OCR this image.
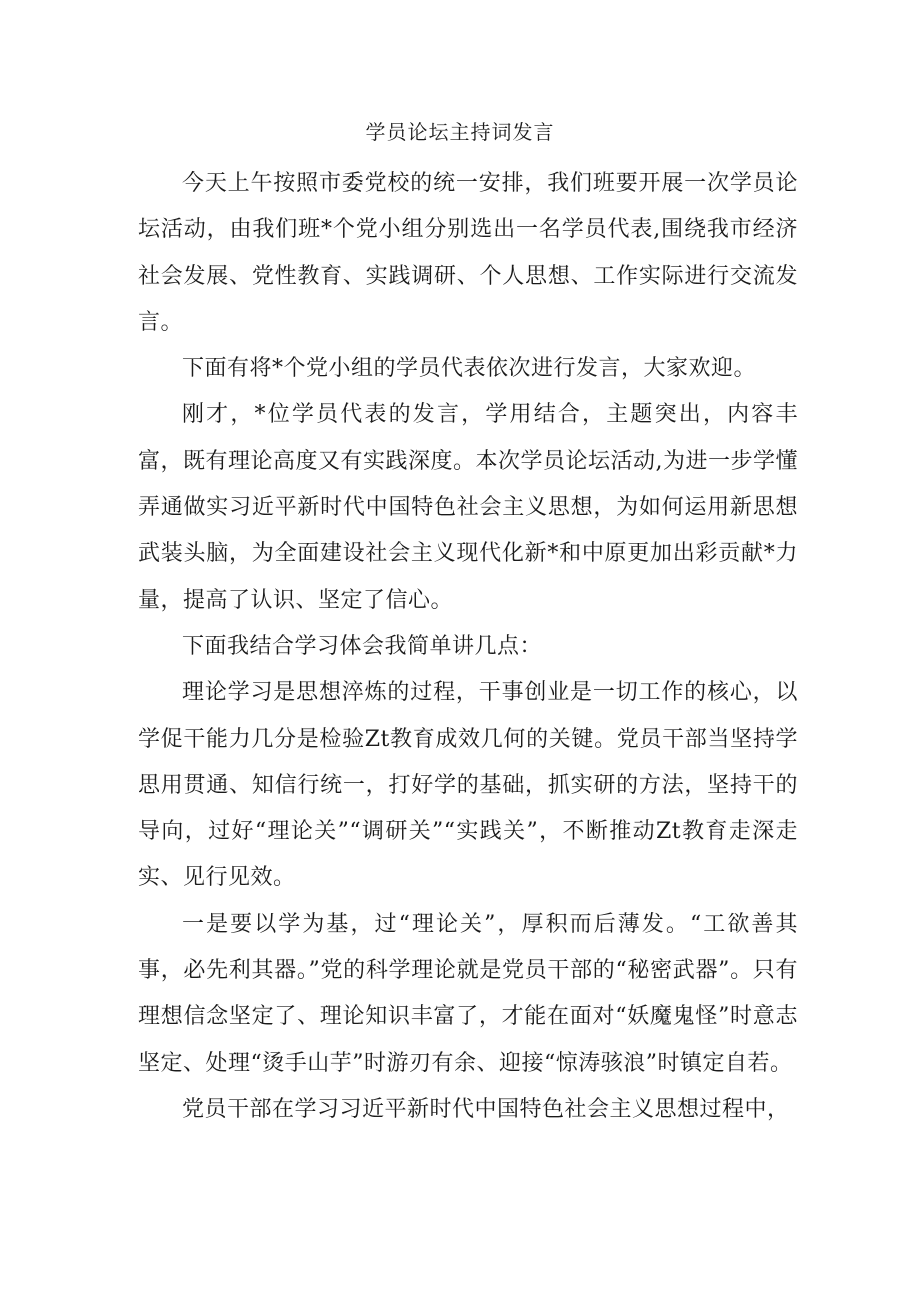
学员论坛主持词发言

今天上午按照市委党校的统一安排，我们班要开展一次学员论坛活动，由我们班*个党小组分别选出一名学员代表,围绕我市经济社会发展、党性教育、实践调研、个人思想、工作实际进行交流发言。

下面有将*个党小组的学员代表依次进行发言，大家欢迎。

刚才，*位学员代表的发言，学用结合，主题突出，内容丰富，既有理论高度又有实践深度。本次学员论坛活动,为进一步学懂弄通做实习近平新时代中国特色社会主义思想，为如何运用新思想武装头脑，为全面建设社会主义现代化新*和中原更加出彩贡献*力量，提高了认识、坚定了信心。

下面我结合学习体会我简单讲几点：

理论学习是思想淬炼的过程，干事创业是一切工作的核心，以学促干能力几分是检验Zt教育成效几何的关键。党员干部当坚持学思用贯通、知信行统一，打好学的基础，抓实研的方法，坚持干的导向，过好“理论关”“调研关”“实践关”，不断推动Zt教育走深走实、见行见效。

一是要以学为基，过“理论关”，厚积而后薄发。“工欲善其事，必先利其器。”党的科学理论就是党员干部的“秘密武器”。只有理想信念坚定了、理论知识丰富了，才能在面对“妖魔鬼怪”时意志坚定、处理“烫手山芋”时游刃有余、迎接“惊涛骇浪”时镇定自若。

党员干部在学习习近平新时代中国特色社会主义思想过程中，
